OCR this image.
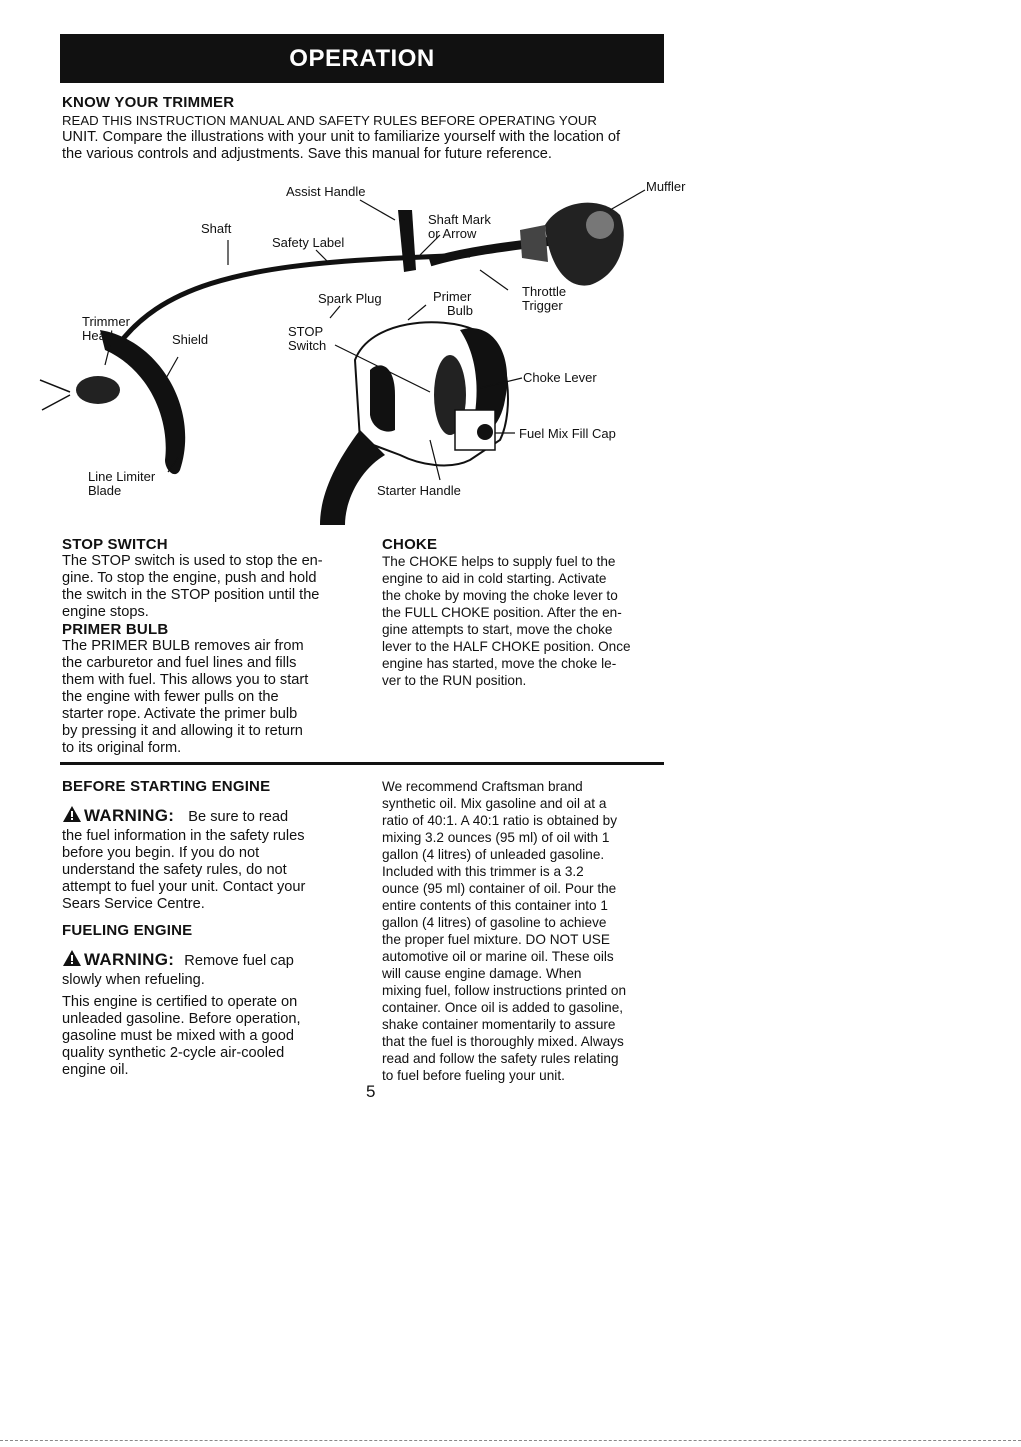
OPERATION
KNOW YOUR TRIMMER
READ THIS INSTRUCTION MANUAL AND SAFETY RULES BEFORE OPERATING YOUR
UNIT. Compare the illustrations with your unit to familiarize yourself with the location of
the various controls and adjustments. Save this manual for future reference.
Assist Handle	Muffler
Shaft Mark
or Arrow
Shaft
Safety Label
Throttle
Trigger
Spark Plug	Primer
Bulb
Trimmer
Head	Shield
STOP
Switch
Choke Lever
Fuel Mix Fill Cap
Line Limiter
Blade	Starter Handle
STOP SWITCH
The STOP switch is used to stop the en-
gine. To stop the engine, push and hold
the switch in the STOP position until the
engine stops.
PRIMER BULB
The PRIMER BULB removes air from
the carburetor and fuel lines and fills
them with fuel. This allows you to start
the engine with fewer pulls on the
starter rope. Activate the primer bulb
by pressing it and allowing it to return
to its original form.
CHOKE
The CHOKE helps to supply fuel to the
engine to aid in cold starting. Activate
the choke by moving the choke lever to
the FULL CHOKE position. After the en-
gine attempts to start, move the choke
lever to the HALF CHOKE position. Once
engine has started, move the choke le-
ver to the RUN position.
BEFORE STARTING ENGINE
WARNING: Be sure to read
the fuel information in the safety rules
before you begin. If you do not
understand the safety rules, do not
attempt to fuel your unit. Contact your
Sears Service Centre.
FUELING ENGINE
WARNING: Remove fuel cap
slowly when refueling.
This engine is certified to operate on
unleaded gasoline. Before operation,
gasoline must be mixed with a good
quality synthetic 2-cycle air-cooled
engine oil.
We recommend Craftsman brand
synthetic oil. Mix gasoline and oil at a
ratio of 40:1. A 40:1 ratio is obtained by
mixing 3.2 ounces (95 ml) of oil with 1
gallon (4 litres) of unleaded gasoline.
Included with this trimmer is a 3.2
ounce (95 ml) container of oil. Pour the
entire contents of this container into 1
gallon (4 litres) of gasoline to achieve
the proper fuel mixture. DO NOT USE
automotive oil or marine oil. These oils
will cause engine damage. When
mixing fuel, follow instructions printed on
container. Once oil is added to gasoline,
shake container momentarily to assure
that the fuel is thoroughly mixed. Always
read and follow the safety rules relating
to fuel before fueling your unit.
5
